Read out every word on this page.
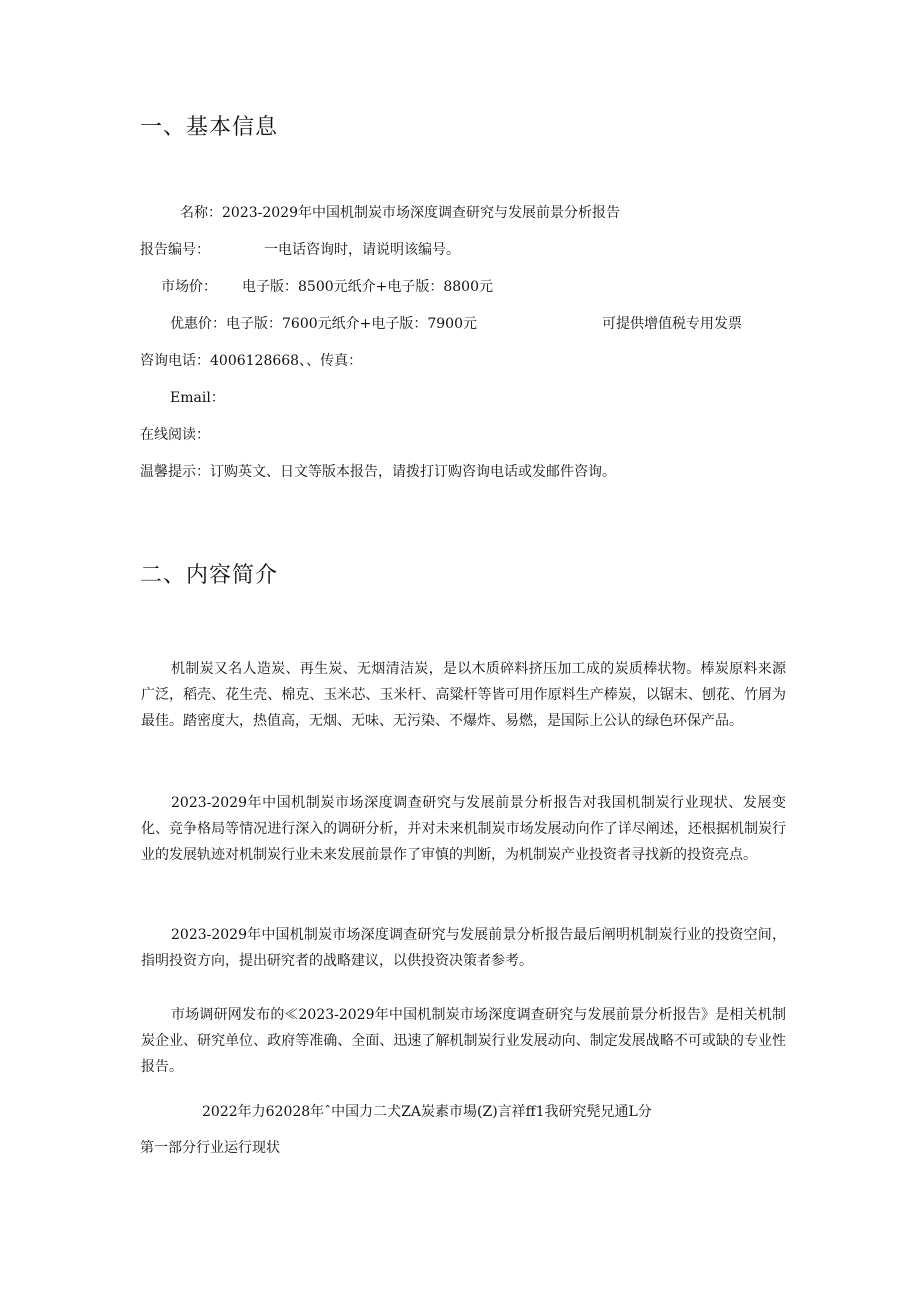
一、基本信息
名称：2023-2029年中国机制炭市场深度调查研究与发展前景分析报告
报告编号：	一电话咨询时，请说明该编号。
市场价： 电子版：8500元纸介+电子版：8800元
优惠价：电子版：7600元纸介+电子版：7900元	可提供增值税专用发票
咨询电话：4006128668、、传真：
Email：
在线阅读：
温馨提示：订购英文、日文等版本报告，请拨打订购咨询电话或发邮件咨询。
二、内容简介

机制炭又名人造炭、再生炭、无烟清洁炭，是以木质碎料挤压加工成的炭质棒状物。棒炭原料来源广泛，稻壳、花生壳、棉克、玉米芯、玉米杆、高粱杆等皆可用作原料生产棒炭，以锯末、刨花、竹屑为最佳。踏密度大，热值高，无烟、无味、无污染、不爆炸、易燃，是国际上公认的绿色环保产品。

2023-2029年中国机制炭市场深度调查研究与发展前景分析报告对我国机制炭行业现状、发展变化、竞争格局等情况进行深入的调研分析，并对未来机制炭市场发展动向作了详尽阐述，还根据机制炭行业的发展轨迹对机制炭行业未来发展前景作了审慎的判断，为机制炭产业投资者寻找新的投资亮点。

2023-2029年中国机制炭市场深度调查研究与发展前景分析报告最后阐明机制炭行业的投资空间，指明投资方向，提出研究者的战略建议，以供投资决策者参考。

市场调研网发布的≪2023-2029年中国机制炭市场深度调查研究与发展前景分析报告》是相关机制炭企业、研究单位、政府等准确、全面、迅速了解机制炭行业发展动向、制定发展战略不可或缺的专业性报告。

2022年力62028年ˆ中国力二犬ZA炭素市場(Z)言祥ff1我研究髡兄通L分
第一部分行业运行现状
